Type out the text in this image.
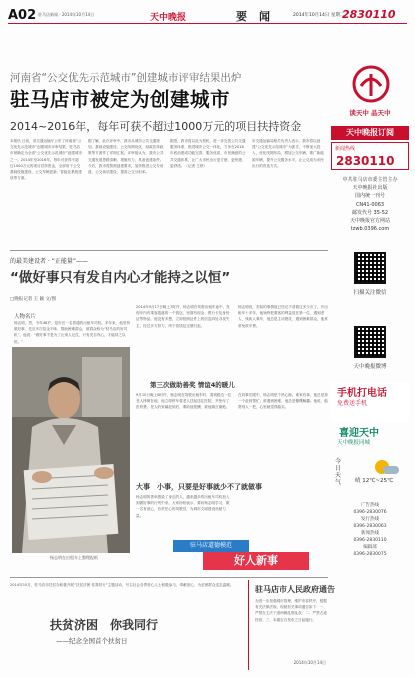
A02 驻马店新闻 · 2014年10月14日	天中晚报	要闻 2014年10月14日 星期二
2830110
河南省“公交优先示范城市”创建城市评审结果出炉
驻马店市被定为创建城市
2014~2016年，每年可获不超过1000万元的项目扶持资金
本报讯 日前，省交通运输厅公布了河南省“公交优先示范城市”创建城市评审结果，驻马店市被确定为全省“公交优先示范城市”创建城市之一。2014年至2016年，每年可获得不超过1000万元的项目扶持资金，全部用于公交基础设施建设、公交车辆更新、智能化系统建设等方面。
据了解，此次评审中，我市从城市公共交通规划、基础设施建设、公交线网优化、财政扶持政策等方面作了详细汇报。评审组认为，我市公共交通发展思路清晰，措施有力，具备创建条件。今后，我市将按照创建要求，加快推进公交专用道、公交场站建设，提高公交分担率。
据悉，我市将以此为契机，进一步完善公共交通服务体系，推进城乡公交一体化，力争在2016年底前建成功能完善、服务优质、市民满意的公共交通体系，让广大市民出行更方便、更快捷、更舒适。（记者 王婷）
市交通运输局相关负责人表示，我市将以创建“公交优先示范城市”为抓手，不断加大投入，优化线网布局，增加公交车辆，推广新能源车辆，提升公交服务水平，让公交成为市民出行的首选方式。
的最美建设者 · “正能量”——
“做好事只有发自内心才能持之以恒”
□晚报记者 王 颖 文/图
人物名片
杨志明，男，今年48岁，是市区一名普通的出租车司机。多年来，他坚持做好事，先后多次拾金不昧、帮助困难群众，被群众称为“驻马店的好司机”。他说：“做好事不是为了让别人记住，只有发自内心，才能持之以恒。”
2014年9月17日晚上7时许，杨志明在驾驶出租车途中，发现车内有乘客遗落的一个钱包，里面有现金、银行卡及身份证等物品。他没有多想，立即按照证件上的信息四处寻找失主，经过多方努力，终于将钱包完璧归赵。
杨志明说，类似的事情他已经记不清做过多少次了。开出租车十多年，他始终把乘客的利益放在第一位，遇到老人、残疾人乘车，他总是主动搀扶，遇到困难群众，他常常免收车费。
第三次做助善奖 情谊4的暖儿
9月10日晚上8时许，杨志明在驾驶出租车时，看到路边一位老人摔倒在地，他立即停车将老人扶起送往医院，并垫付了医药费。老人的家属赶到后，要给他报酬，被他婉言谢绝。
在同事们眼中，杨志明是个热心肠。谁家有事，他总是第一个赶到帮忙；谁遇到困难，他总是慷慨解囊。他说，能帮别人一把，心里就觉得踏实。
大事　小事，只要是好事就少不了就做事
杨志明的善举感染了身边的人，越来越多的出租车司机加入到做好事的行列中来。大家纷纷表示，要向杨志明学习，做一名有爱心、有责任心的驾驶员，为城市文明建设贡献力量。
杨志明在出租车上整理报纸
驻马店道德模范
好人新事
2014年10月，驻马店市扶贫办积极开展“扶贫济困 你我同行”主题活动，号召社会各界爱心人士积极参与，奉献爱心，为贫困群众送去温暖。
扶贫济困　你我同行
——纪念全国首个扶贫日
驻马店市人民政府通告
为进一步加强城市管理，维护市容秩序，根据有关法律法规，现就有关事项通告如下：一、严禁在主次干道两侧乱堆乱放；二、严禁占道经营；三、本通告自发布之日起施行。
2014年10月14日
读天中 品天中
天中晚报订阅
新闻热线
2830110
中共驻马店市委主管主办
天中晚报社出版
国内统一刊号
CN41-0063
邮发代号 35-52
天中晚报官方网站
tzwb.0396.com
扫描关注微信
天中晚报微博
手机打电话
免费送手机
喜迎天中
天中晚报同城
今日天气	晴 12℃~25℃
广告热线
0396-2830076
发行热线
0396-2830063
新闻热线
0396-2830110
编辑部
0396-2830075
